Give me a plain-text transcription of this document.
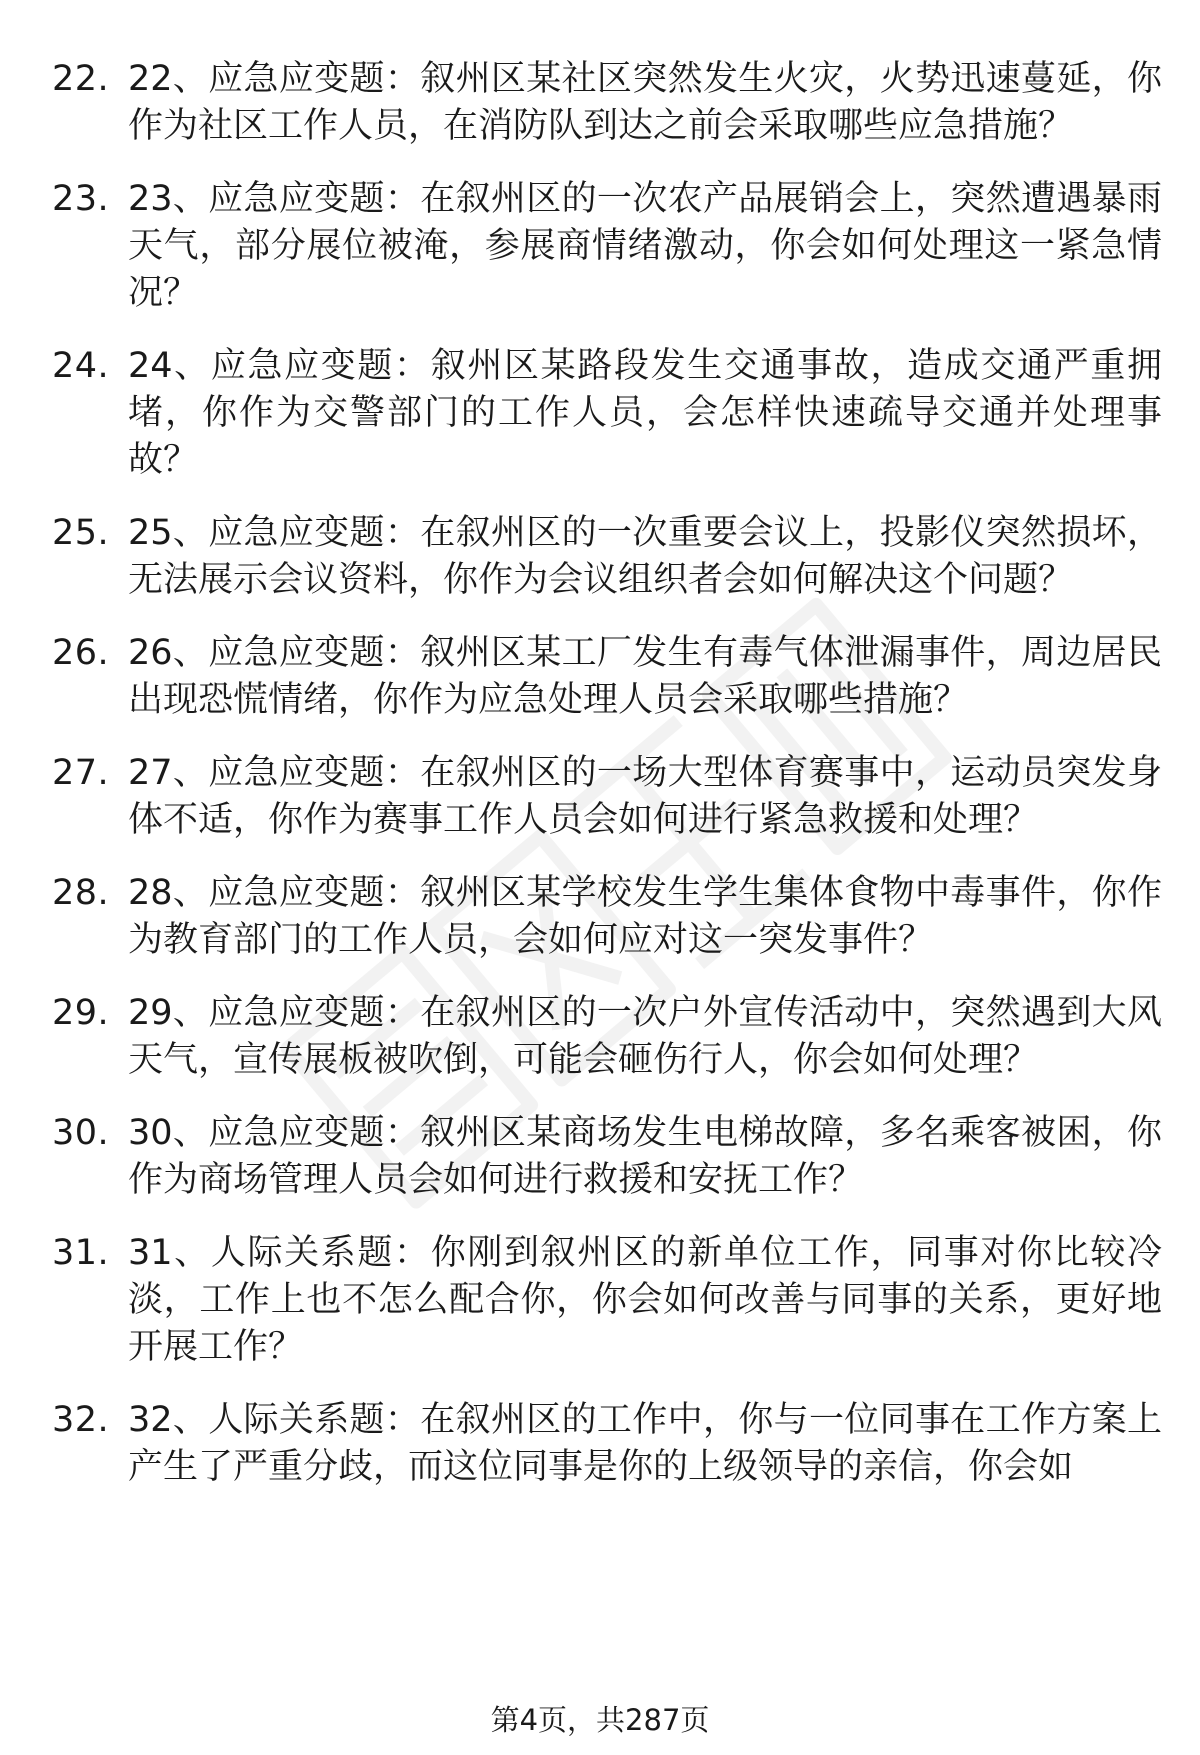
22. 22、应急应变题：叙州区某社区突然发生火灾，火势迅速蔓延，你作为社区工作人员，在消防队到达之前会采取哪些应急措施？
23. 23、应急应变题：在叙州区的一次农产品展销会上，突然遭遇暴雨天气，部分展位被淹，参展商情绪激动，你会如何处理这一紧急情况？
24. 24、应急应变题：叙州区某路段发生交通事故，造成交通严重拥堵，你作为交警部门的工作人员，会怎样快速疏导交通并处理事故？
25. 25、应急应变题：在叙州区的一次重要会议上，投影仪突然损坏，无法展示会议资料，你作为会议组织者会如何解决这个问题？
26. 26、应急应变题：叙州区某工厂发生有毒气体泄漏事件，周边居民出现恐慌情绪，你作为应急处理人员会采取哪些措施？
27. 27、应急应变题：在叙州区的一场大型体育赛事中，运动员突发身体不适，你作为赛事工作人员会如何进行紧急救援和处理？
28. 28、应急应变题：叙州区某学校发生学生集体食物中毒事件，你作为教育部门的工作人员，会如何应对这一突发事件？
29. 29、应急应变题：在叙州区的一次户外宣传活动中，突然遇到大风天气，宣传展板被吹倒，可能会砸伤行人，你会如何处理？
30. 30、应急应变题：叙州区某商场发生电梯故障，多名乘客被困，你作为商场管理人员会如何进行救援和安抚工作？
31. 31、人际关系题：你刚到叙州区的新单位工作，同事对你比较冷淡，工作上也不怎么配合你，你会如何改善与同事的关系，更好地开展工作？
32. 32、人际关系题：在叙州区的工作中，你与一位同事在工作方案上产生了严重分歧，而这位同事是你的上级领导的亲信，你会如
第4页，共287页
